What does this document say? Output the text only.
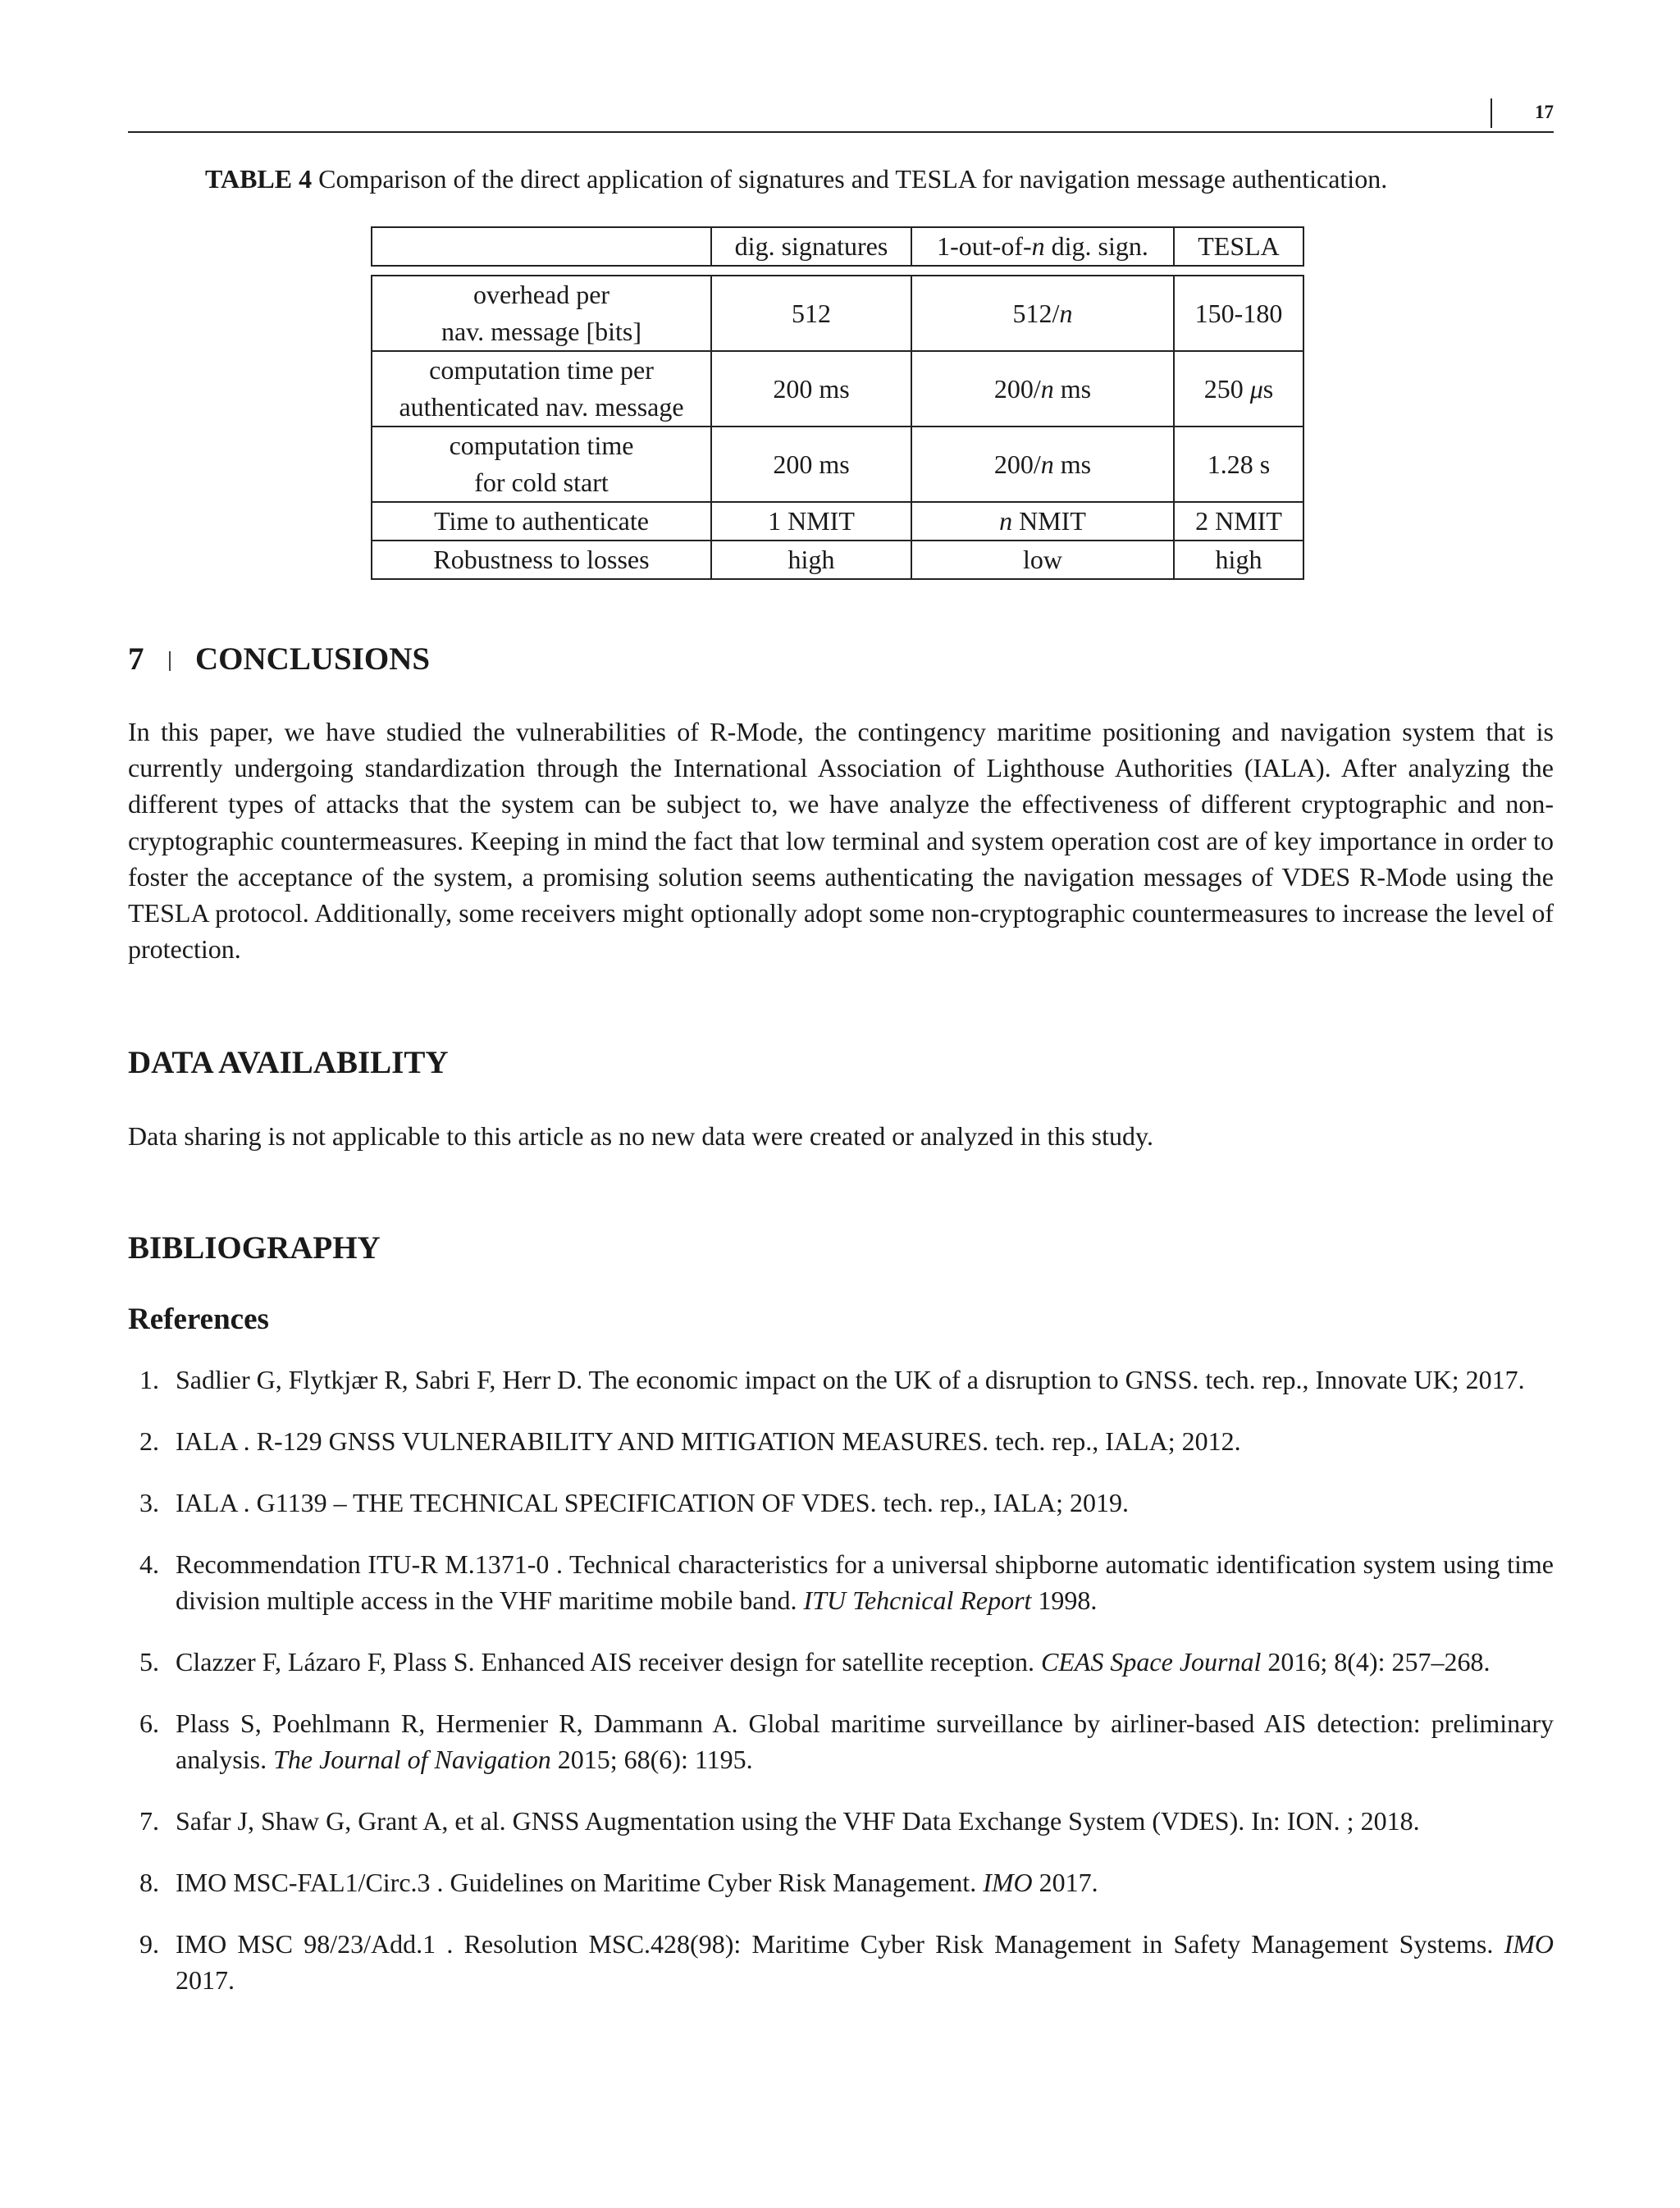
17
TABLE 4 Comparison of the direct application of signatures and TESLA for navigation message authentication.
	dig. signatures	1-out-of-n dig. sign.	TESLA

overhead per
nav. message [bits]	512	512/n	150-180
computation time per
authenticated nav. message	200 ms	200/n ms	250 μs
computation time
for cold start	200 ms	200/n ms	1.28 s
Time to authenticate	1 NMIT	n NMIT	2 NMIT
Robustness to losses	high	low	high
7 CONCLUSIONS
In this paper, we have studied the vulnerabilities of R-Mode, the contingency maritime positioning and navigation system that is currently undergoing standardization through the International Association of Lighthouse Authorities (IALA). After analyzing the different types of attacks that the system can be subject to, we have analyze the effectiveness of different cryptographic and non-cryptographic countermeasures. Keeping in mind the fact that low terminal and system operation cost are of key importance in order to foster the acceptance of the system, a promising solution seems authenticating the navigation messages of VDES R-Mode using the TESLA protocol. Additionally, some receivers might optionally adopt some non-cryptographic countermeasures to increase the level of protection.
DATA AVAILABILITY
Data sharing is not applicable to this article as no new data were created or analyzed in this study.
BIBLIOGRAPHY
References
1. Sadlier G, Flytkjær R, Sabri F, Herr D. The economic impact on the UK of a disruption to GNSS. tech. rep., Innovate UK; 2017.
2. IALA . R-129 GNSS VULNERABILITY AND MITIGATION MEASURES. tech. rep., IALA; 2012.
3. IALA . G1139 – THE TECHNICAL SPECIFICATION OF VDES. tech. rep., IALA; 2019.
4. Recommendation ITU-R M.1371-0 . Technical characteristics for a universal shipborne automatic identification system using time division multiple access in the VHF maritime mobile band. ITU Tehcnical Report 1998.
5. Clazzer F, Lázaro F, Plass S. Enhanced AIS receiver design for satellite reception. CEAS Space Journal 2016; 8(4): 257–268.
6. Plass S, Poehlmann R, Hermenier R, Dammann A. Global maritime surveillance by airliner-based AIS detection: preliminary analysis. The Journal of Navigation 2015; 68(6): 1195.
7. Safar J, Shaw G, Grant A, et al. GNSS Augmentation using the VHF Data Exchange System (VDES). In: ION. ; 2018.
8. IMO MSC-FAL1/Circ.3 . Guidelines on Maritime Cyber Risk Management. IMO 2017.
9. IMO MSC 98/23/Add.1 . Resolution MSC.428(98): Maritime Cyber Risk Management in Safety Management Systems. IMO 2017.
